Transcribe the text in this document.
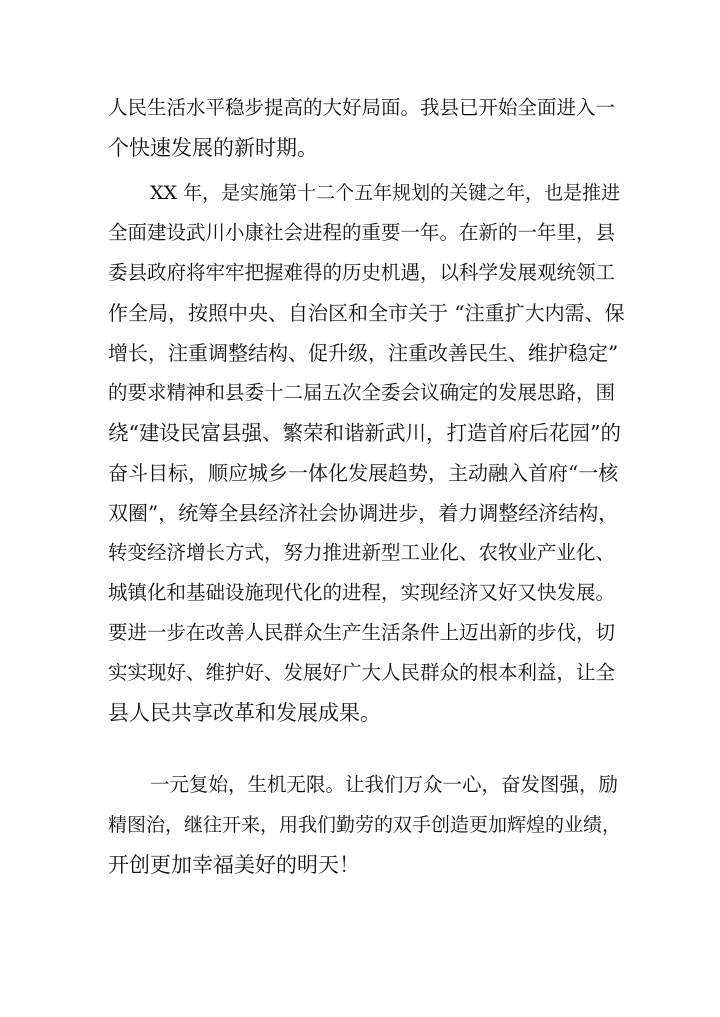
人民生活水平稳步提高的大好局面。我县已开始全面进入一
个快速发展的新时期。
XX 年，是实施第十二个五年规划的关键之年，也是推进
全面建设武川小康社会进程的重要一年。在新的一年里，县
委县政府将牢牢把握难得的历史机遇，以科学发展观统领工
作全局，按照中央、自治区和全市关于 “注重扩大内需、保
增长，注重调整结构、促升级，注重改善民生、维护稳定”
的要求精神和县委十二届五次全委会议确定的发展思路，围
绕“建设民富县强、繁荣和谐新武川，打造首府后花园”的
奋斗目标，顺应城乡一体化发展趋势，主动融入首府“一核
双圈”，统筹全县经济社会协调进步，着力调整经济结构，
转变经济增长方式，努力推进新型工业化、农牧业产业化、
城镇化和基础设施现代化的进程，实现经济又好又快发展。
要进一步在改善人民群众生产生活条件上迈出新的步伐，切
实实现好、维护好、发展好广大人民群众的根本利益，让全
县人民共享改革和发展成果。
一元复始，生机无限。让我们万众一心，奋发图强，励
精图治，继往开来，用我们勤劳的双手创造更加辉煌的业绩，
开创更加幸福美好的明天！
